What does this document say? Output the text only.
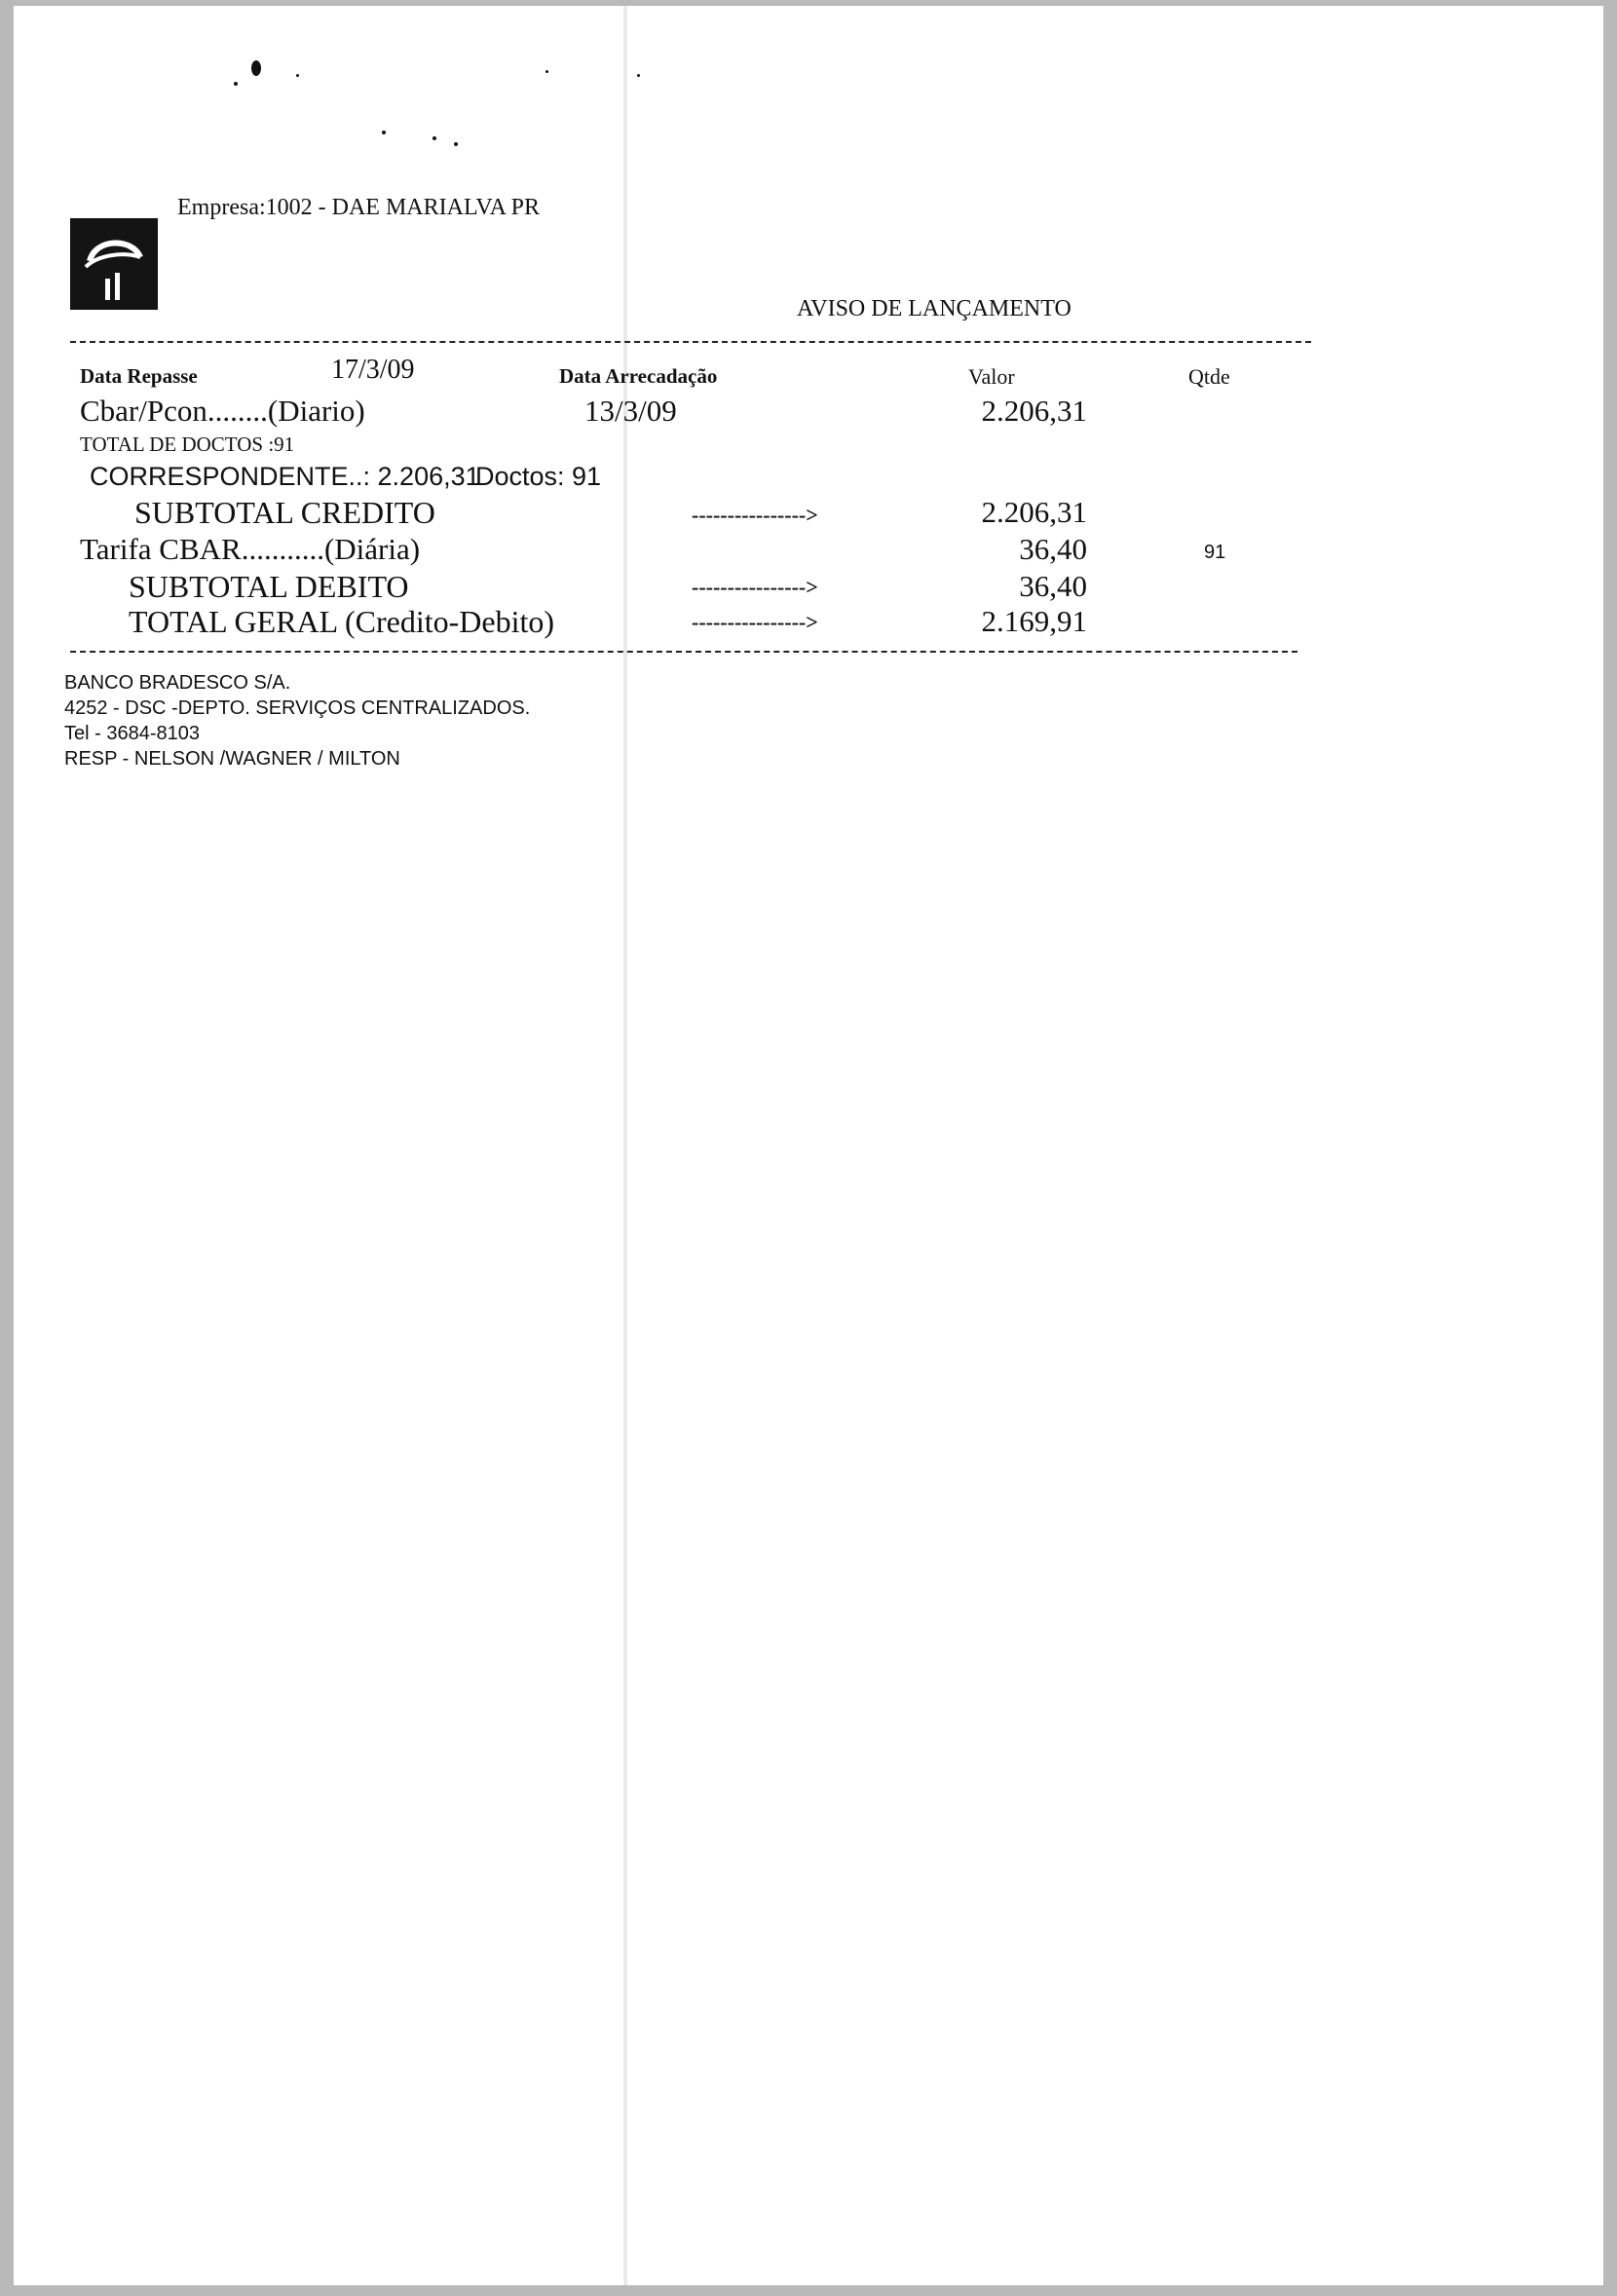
Empresa:1002 - DAE MARIALVA PR
AVISO DE LANÇAMENTO
Data Repasse	17/3/09	Data Arrecadação	Valor	Qtde
Cbar/Pcon........(Diario)	13/3/09	2.206,31
TOTAL DE DOCTOS :91
CORRESPONDENTE..: 2.206,31
Doctos: 91
SUBTOTAL CREDITO	---------------->	2.206,31
Tarifa CBAR...........(Diária)	36,40	91
SUBTOTAL DEBITO	---------------->	36,40
TOTAL GERAL (Credito-Debito)	---------------->	2.169,91
BANCO BRADESCO S/A.
4252 - DSC -DEPTO. SERVIÇOS CENTRALIZADOS.
Tel - 3684-8103
RESP - NELSON /WAGNER / MILTON
